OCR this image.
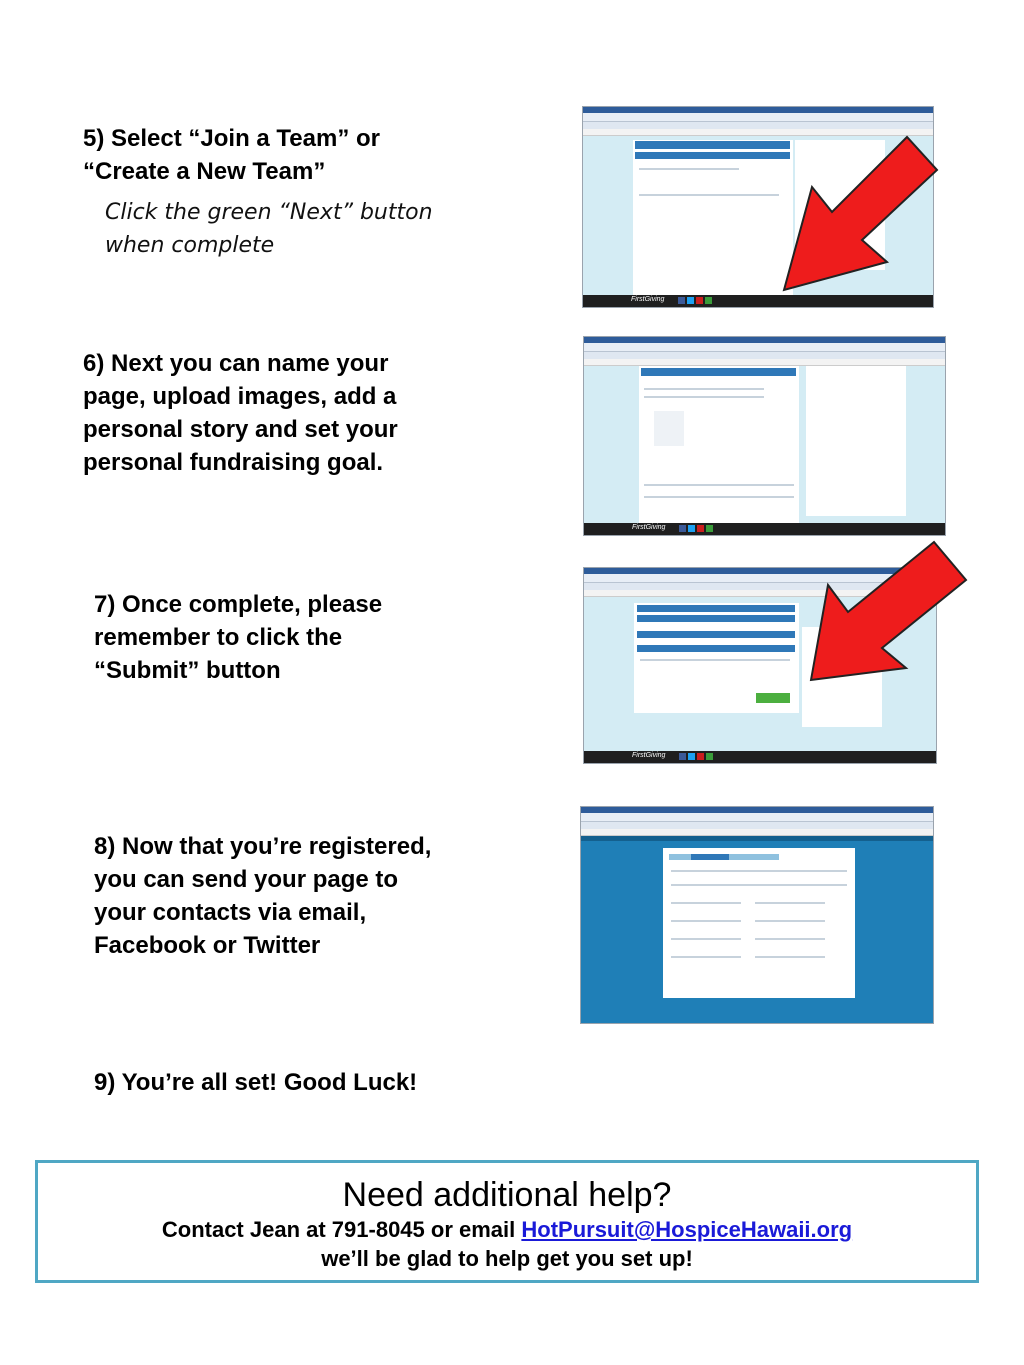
5) Select “Join a Team” or
“Create a New Team”
Click the green “Next” button
when complete
FirstGiving
6) Next you can name your
page, upload images, add a
personal story and set your
personal fundraising goal.
FirstGiving
7) Once complete, please
remember to click the
“Submit” button
FirstGiving
8) Now that you’re registered,
you can send your page to
your contacts via email,
Facebook or Twitter
9) You’re all set! Good Luck!
Need additional help?
Contact Jean at 791-8045 or email HotPursuit@HospiceHawaii.org
we’ll be glad to help get you set up!
